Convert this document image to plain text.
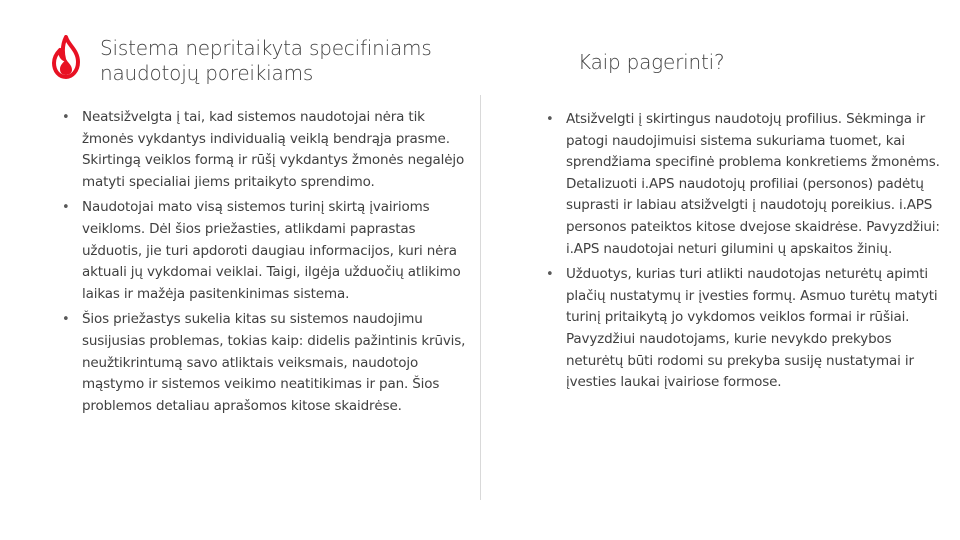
Sistema nepritaikyta specifiniams naudotojų poreikiams
• Neatsižvelgta į tai, kad sistemos naudotojai nėra tik žmonės vykdantys individualią veiklą bendrąja prasme. Skirtingą veiklos formą ir rūšį vykdantys žmonės negalėjo matyti specialiai jiems pritaikyto sprendimo.
• Naudotojai mato visą sistemos turinį skirtą įvairioms veikloms. Dėl šios priežasties, atlikdami paprastas užduotis, jie turi apdoroti daugiau informacijos, kuri nėra aktuali jų vykdomai veiklai. Taigi, ilgėja užduočių atlikimo laikas ir mažėja pasitenkinimas sistema.
• Šios priežastys sukelia kitas su sistemos naudojimu susijusias problemas, tokias kaip: didelis pažintinis krūvis, neužtikrintumą savo atliktais veiksmais, naudotojo mąstymo ir sistemos veikimo neatitikimas ir pan. Šios problemos detaliau aprašomos kitose skaidrėse.
Kaip pagerinti?
• Atsižvelgti į skirtingus naudotojų profilius. Sėkminga ir patogi naudojimuisi sistema sukuriama tuomet, kai sprendžiama specifinė problema konkretiems žmonėms. Detalizuoti i.APS naudotojų profiliai (personos) padėtų suprasti ir labiau atsižvelgti į naudotojų poreikius. i.APS personos pateiktos kitose dvejose skaidrėse. Pavyzdžiui: i.APS naudotojai neturi gilumini ų apskaitos žinių.
• Užduotys, kurias turi atlikti naudotojas neturėtų apimti plačių nustatymų ir įvesties formų. Asmuo turėtų matyti turinį pritaikytą jo vykdomos veiklos formai ir rūšiai. Pavyzdžiui naudotojams, kurie nevykdo prekybos neturėtų būti rodomi su prekyba susiję nustatymai ir įvesties laukai įvairiose formose.
